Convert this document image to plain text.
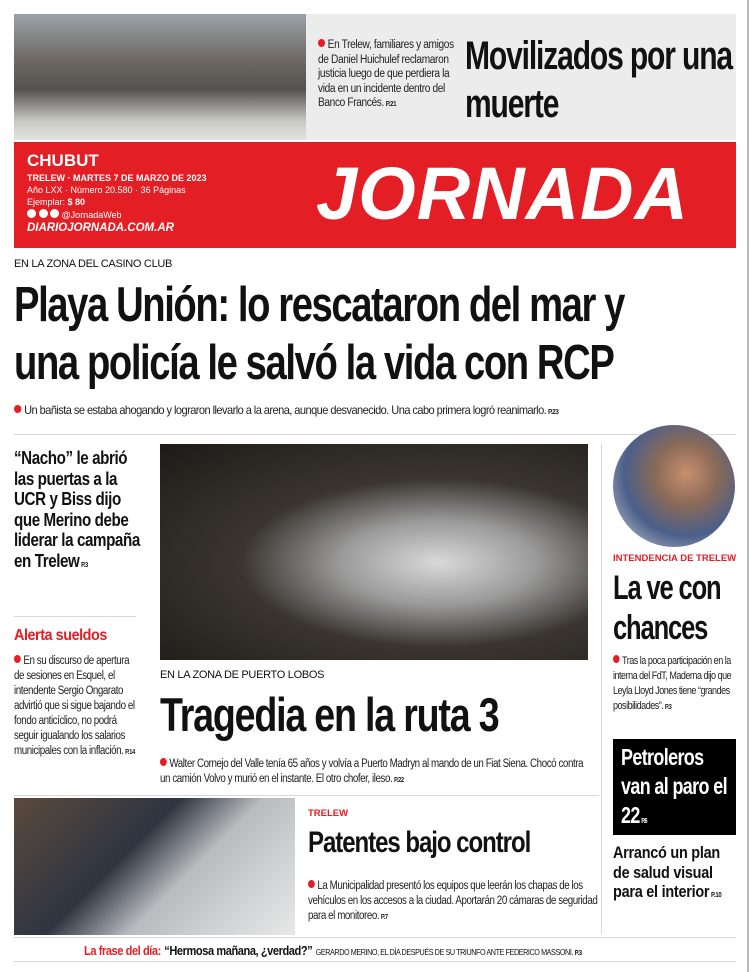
En Trelew, familiares y amigos de Daniel Huichulef reclamaron justicia luego de que perdiera la vida en un incidente dentro del Banco Francés. P.21
Movilizados por una muerte
CHUBUT
TRELEW · MARTES 7 DE MARZO DE 2023
Año LXX · Número 20.580 · 36 Páginas
Ejemplar: $ 80
@JornadaWeb
DIARIOJORNADA.COM.AR JORNADA
EN LA ZONA DEL CASINO CLUB
Playa Unión: lo rescataron del mar y
una policía le salvó la vida con RCP
Un bañista se estaba ahogando y lograron llevarlo a la arena, aunque desvanecido. Una cabo primera logró reanimarlo. P.23
“Nacho” le abrió las puertas a la UCR y Biss dijo que Merino debe liderar la campaña en Trelew P.3
Alerta sueldos
En su discurso de apertura de sesiones en Esquel, el intendente Sergio Ongarato advirtió que si sigue bajando el fondo anticíclico, no podrá seguir igualando los salarios municipales con la inflación. P.14
EN LA ZONA DE PUERTO LOBOS
Tragedia en la ruta 3
Walter Cornejo del Valle tenía 65 años y volvía a Puerto Madryn al mando de un Fiat Siena. Chocó contra un camión Volvo y murió en el instante. El otro chofer, ileso. P.22
INTENDENCIA DE TRELEW
La ve con chances
Tras la poca participación en la interna del FdT, Maderna dijo que Leyla Lloyd Jones tiene “grandes posibilidades”. P.3
Petroleros van al paro el 22 P.6
Arrancó un plan de salud visual para el interior P.10
TRELEW
Patentes bajo control
La Municipalidad presentó los equipos que leerán los chapas de los vehículos en los accesos a la ciudad. Aportarán 20 cámaras de seguridad para el monitoreo. P.7
La frase del día: “Hermosa mañana, ¿verdad?” GERARDO MERINO, EL DÍA DESPUÉS DE SU TRIUNFO ANTE FEDERICO MASSONI. P.3
